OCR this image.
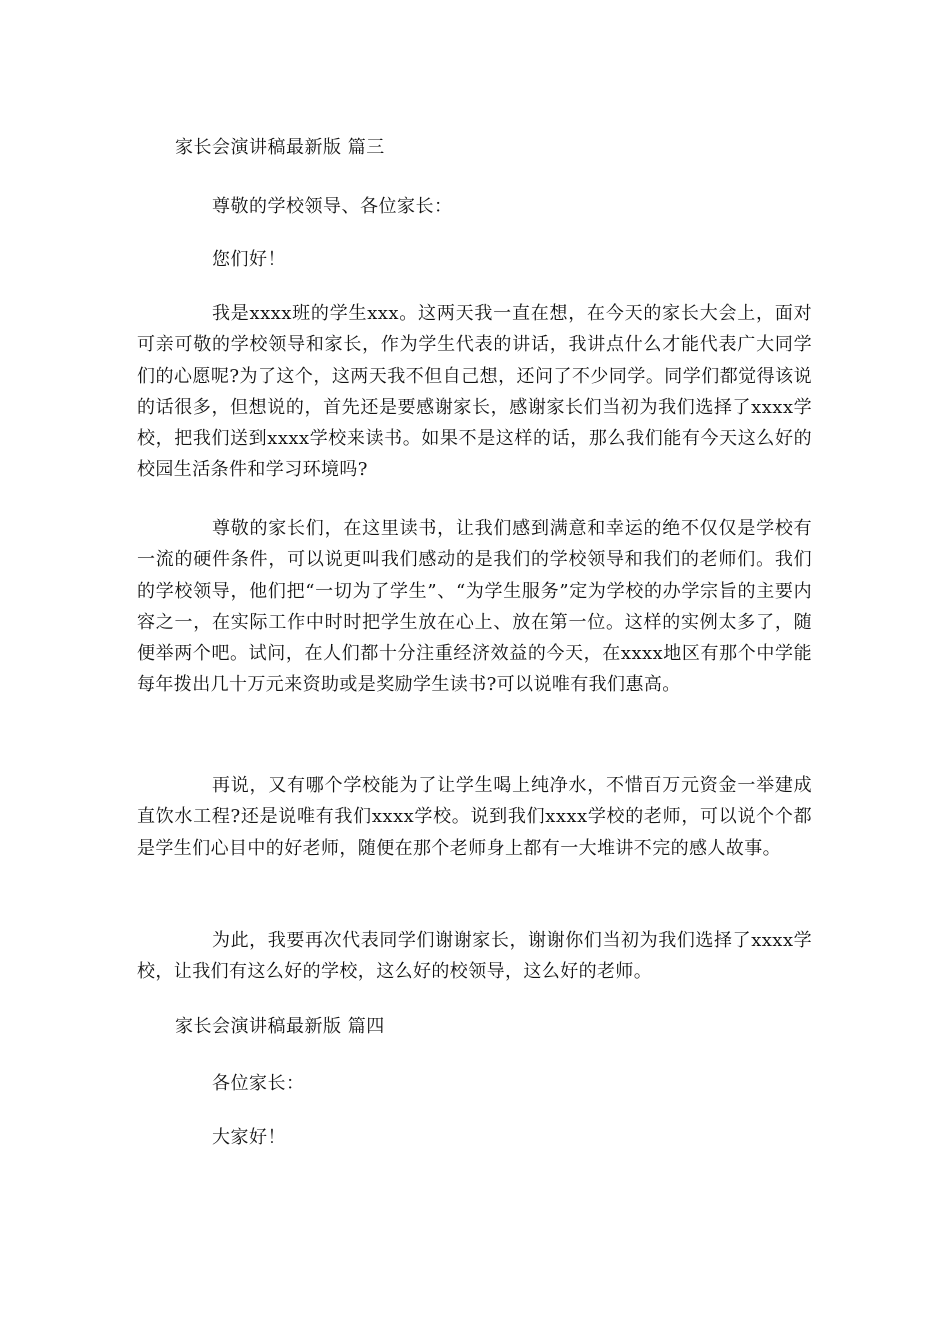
家长会演讲稿最新版 篇三
尊敬的学校领导、各位家长：
您们好！

我是xxxx班的学生xxx。这两天我一直在想，在今天的家长大会上，面对可亲可敬的学校领导和家长，作为学生代表的讲话，我讲点什么才能代表广大同学们的心愿呢?为了这个，这两天我不但自己想，还问了不少同学。同学们都觉得该说的话很多，但想说的，首先还是要感谢家长，感谢家长们当初为我们选择了xxxx学校，把我们送到xxxx学校来读书。如果不是这样的话，那么我们能有今天这么好的校园生活条件和学习环境吗?

尊敬的家长们，在这里读书，让我们感到满意和幸运的绝不仅仅是学校有一流的硬件条件，可以说更叫我们感动的是我们的学校领导和我们的老师们。我们的学校领导，他们把“一切为了学生”、“为学生服务”定为学校的办学宗旨的主要内容之一，在实际工作中时时把学生放在心上、放在第一位。这样的实例太多了，随便举两个吧。试问，在人们都十分注重经济效益的今天，在xxxx地区有那个中学能每年拨出几十万元来资助或是奖励学生读书?可以说唯有我们惠高。

再说，又有哪个学校能为了让学生喝上纯净水，不惜百万元资金一举建成直饮水工程?还是说唯有我们xxxx学校。说到我们xxxx学校的老师，可以说个个都是学生们心目中的好老师，随便在那个老师身上都有一大堆讲不完的感人故事。

为此，我要再次代表同学们谢谢家长，谢谢你们当初为我们选择了xxxx学校，让我们有这么好的学校，这么好的校领导，这么好的老师。

家长会演讲稿最新版 篇四
各位家长：
大家好！
